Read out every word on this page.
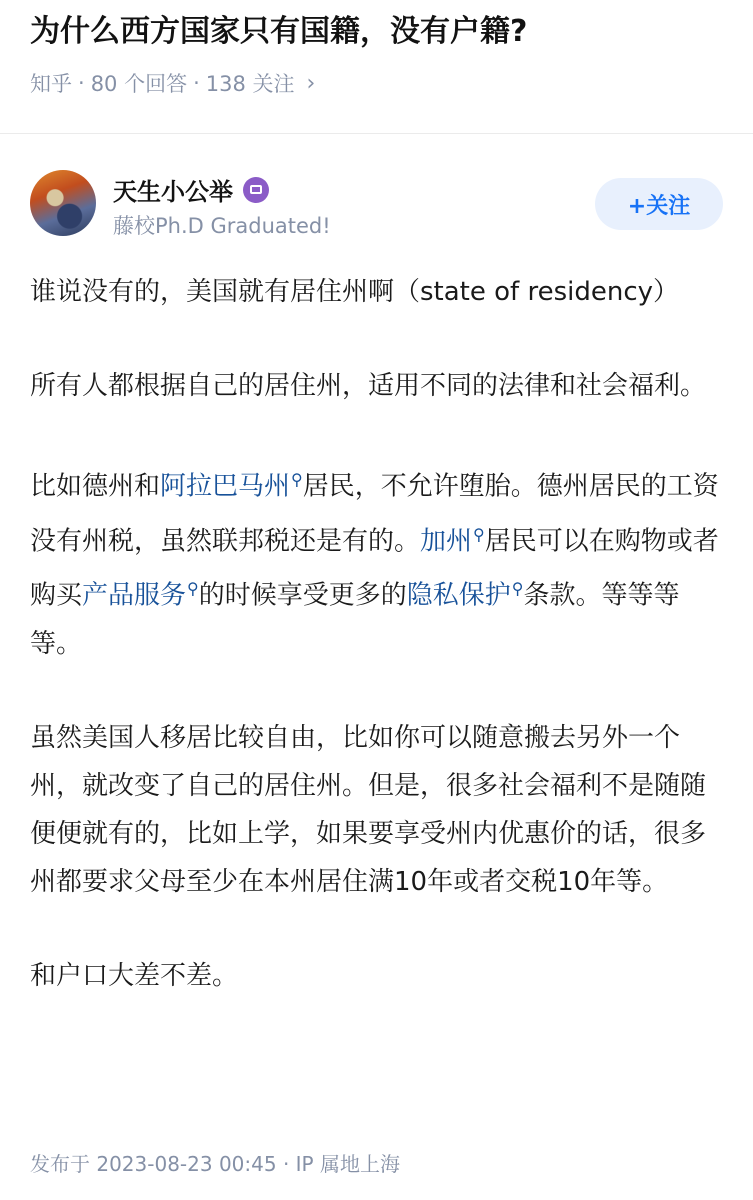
为什么西方国家只有国籍，没有户籍?
知乎 · 80 个回答 · 138 关注 ›
天生小公举
藤校Ph.D Graduated!
+关注

谁说没有的，美国就有居住州啊（state of residency）

所有人都根据自己的居住州，适用不同的法律和社会福利。

比如德州和阿拉巴马州⚲居民，不允许堕胎。德州居民的工资没有州税，虽然联邦税还是有的。加州⚲居民可以在购物或者购买产品服务⚲的时候享受更多的隐私保护⚲条款。等等等等。

虽然美国人移居比较自由，比如你可以随意搬去另外一个州，就改变了自己的居住州。但是，很多社会福利不是随随便便就有的，比如上学，如果要享受州内优惠价的话，很多州都要求父母至少在本州居住满10年或者交税10年等。

和户口大差不差。

发布于 2023-08-23 00:45 · IP 属地上海
